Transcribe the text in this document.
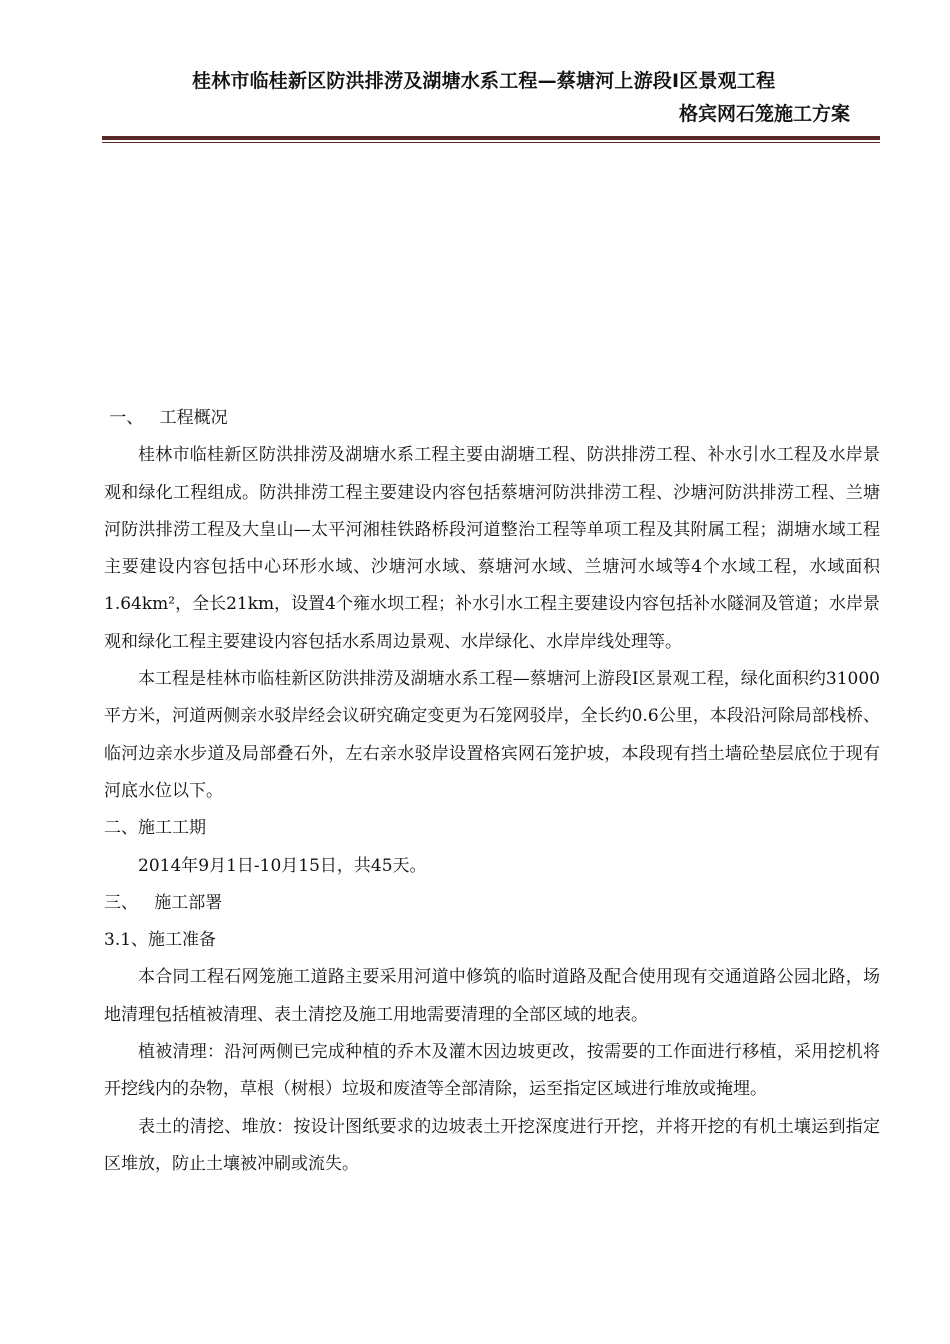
桂林市临桂新区防洪排涝及湖塘水系工程—蔡塘河上游段Ⅰ区景观工程
格宾网石笼施工方案

一、   工程概况

桂林市临桂新区防洪排涝及湖塘水系工程主要由湖塘工程、防洪排涝工程、补水引水工程及水岸景观和绿化工程组成。防洪排涝工程主要建设内容包括蔡塘河防洪排涝工程、沙塘河防洪排涝工程、兰塘河防洪排涝工程及大皇山—太平河湘桂铁路桥段河道整治工程等单项工程及其附属工程；湖塘水域工程主要建设内容包括中心环形水域、沙塘河水域、蔡塘河水域、兰塘河水域等4个水域工程，水域面积1.64km²，全长21km，设置4个雍水坝工程；补水引水工程主要建设内容包括补水隧洞及管道；水岸景观和绿化工程主要建设内容包括水系周边景观、水岸绿化、水岸岸线处理等。

本工程是桂林市临桂新区防洪排涝及湖塘水系工程—蔡塘河上游段Ⅰ区景观工程，绿化面积约31000平方米，河道两侧亲水驳岸经会议研究确定变更为石笼网驳岸，全长约0.6公里，本段沿河除局部栈桥、临河边亲水步道及局部叠石外，左右亲水驳岸设置格宾网石笼护坡，本段现有挡土墙砼垫层底位于现有河底水位以下。

二、施工工期

2014年9月1日-10月15日，共45天。

三、   施工部署

3.1、施工准备

本合同工程石网笼施工道路主要采用河道中修筑的临时道路及配合使用现有交通道路公园北路，场地清理包括植被清理、表土清挖及施工用地需要清理的全部区域的地表。

植被清理：沿河两侧已完成种植的乔木及灌木因边坡更改，按需要的工作面进行移植，采用挖机将开挖线内的杂物，草根（树根）垃圾和废渣等全部清除，运至指定区域进行堆放或掩埋。

表土的清挖、堆放：按设计图纸要求的边坡表土开挖深度进行开挖，并将开挖的有机土壤运到指定区堆放，防止土壤被冲刷或流失。
